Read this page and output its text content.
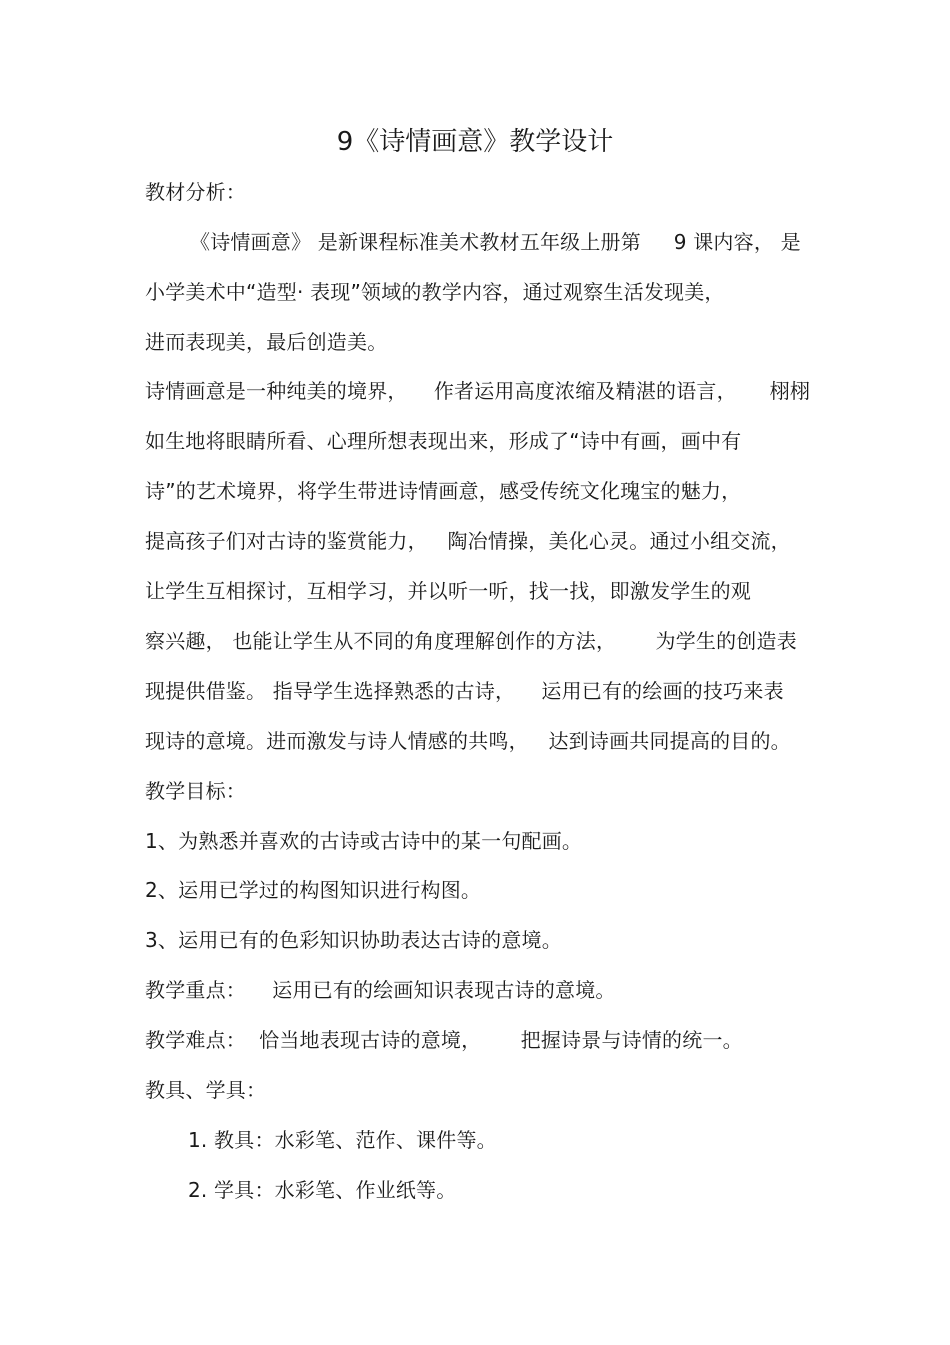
9《诗情画意》教学设计
教材分析：
《诗情画意》 是新课程标准美术教材五年级上册第     9 课内容， 是
小学美术中“造型· 表现”领域的教学内容，通过观察生活发现美，
进而表现美，最后创造美。
诗情画意是一种纯美的境界，    作者运用高度浓缩及精湛的语言，     栩栩
如生地将眼睛所看、心理所想表现出来，形成了“诗中有画，画中有
诗”的艺术境界，将学生带进诗情画意，感受传统文化瑰宝的魅力，
提高孩子们对古诗的鉴赏能力，   陶冶情操，美化心灵。通过小组交流，
让学生互相探讨，互相学习，并以听一听，找一找，即激发学生的观
察兴趣， 也能让学生从不同的角度理解创作的方法，      为学生的创造表
现提供借鉴。 指导学生选择熟悉的古诗，    运用已有的绘画的技巧来表
现诗的意境。进而激发与诗人情感的共鸣，   达到诗画共同提高的目的。
教学目标：
1、为熟悉并喜欢的古诗或古诗中的某一句配画。
2、运用已学过的构图知识进行构图。
3、运用已有的色彩知识协助表达古诗的意境。
教学重点：    运用已有的绘画知识表现古诗的意境。
教学难点：  恰当地表现古诗的意境，      把握诗景与诗情的统一。
教具、学具：
1. 教具：水彩笔、范作、课件等。
2. 学具：水彩笔、作业纸等。
